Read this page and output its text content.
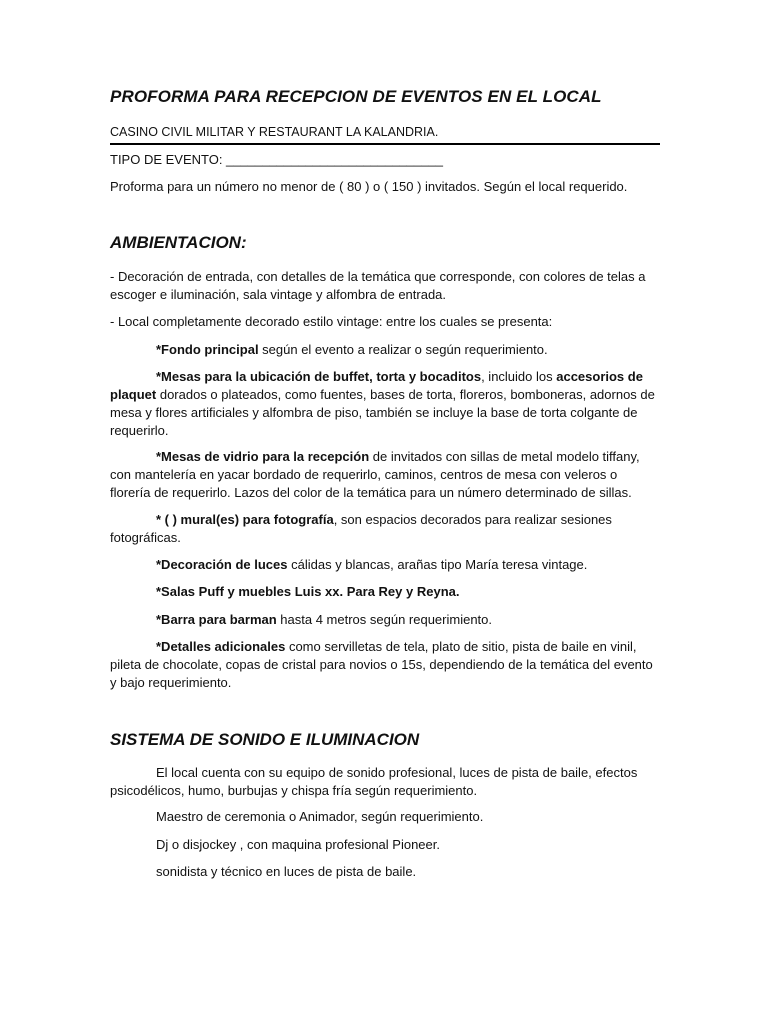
PROFORMA PARA RECEPCION DE EVENTOS EN EL LOCAL
CASINO CIVIL MILITAR Y RESTAURANT LA KALANDRIA.

TIPO DE EVENTO: ______________________________

Proforma para un número no menor de ( 80 ) o ( 150 ) invitados. Según el local requerido.

AMBIENTACION:

- Decoración de entrada, con detalles de la temática que corresponde, con colores de telas a escoger e iluminación, sala vintage y alfombra de entrada.

- Local completamente decorado estilo vintage: entre los cuales se presenta:

*Fondo principal según el evento a realizar o según requerimiento.

*Mesas para la ubicación de buffet, torta y bocaditos, incluido los accesorios de plaquet dorados o plateados, como fuentes, bases de torta, floreros, bomboneras, adornos de mesa y flores artificiales y alfombra de piso, también se incluye la base de torta colgante de requerirlo.

*Mesas de vidrio para la recepción de invitados con sillas de metal modelo tiffany, con mantelería en yacar bordado de requerirlo, caminos, centros de mesa con veleros o florería de requerirlo. Lazos del color de la temática para un número determinado de sillas.

* ( ) mural(es) para fotografía, son espacios decorados para realizar sesiones fotográficas.

*Decoración de luces cálidas y blancas, arañas tipo María teresa vintage.

*Salas Puff y muebles Luis xx. Para Rey y Reyna.

*Barra para barman hasta 4 metros según requerimiento.

*Detalles adicionales como servilletas de tela, plato de sitio, pista de baile en vinil, pileta de chocolate, copas de cristal para novios o 15s, dependiendo de la temática del evento y bajo requerimiento.

SISTEMA DE SONIDO E ILUMINACION

El local cuenta con su equipo de sonido profesional, luces de pista de baile, efectos psicodélicos, humo, burbujas y chispa fría según requerimiento.

Maestro de ceremonia o Animador, según requerimiento.

Dj o disjockey , con maquina profesional Pioneer.

sonidista y técnico en luces de pista de baile.
